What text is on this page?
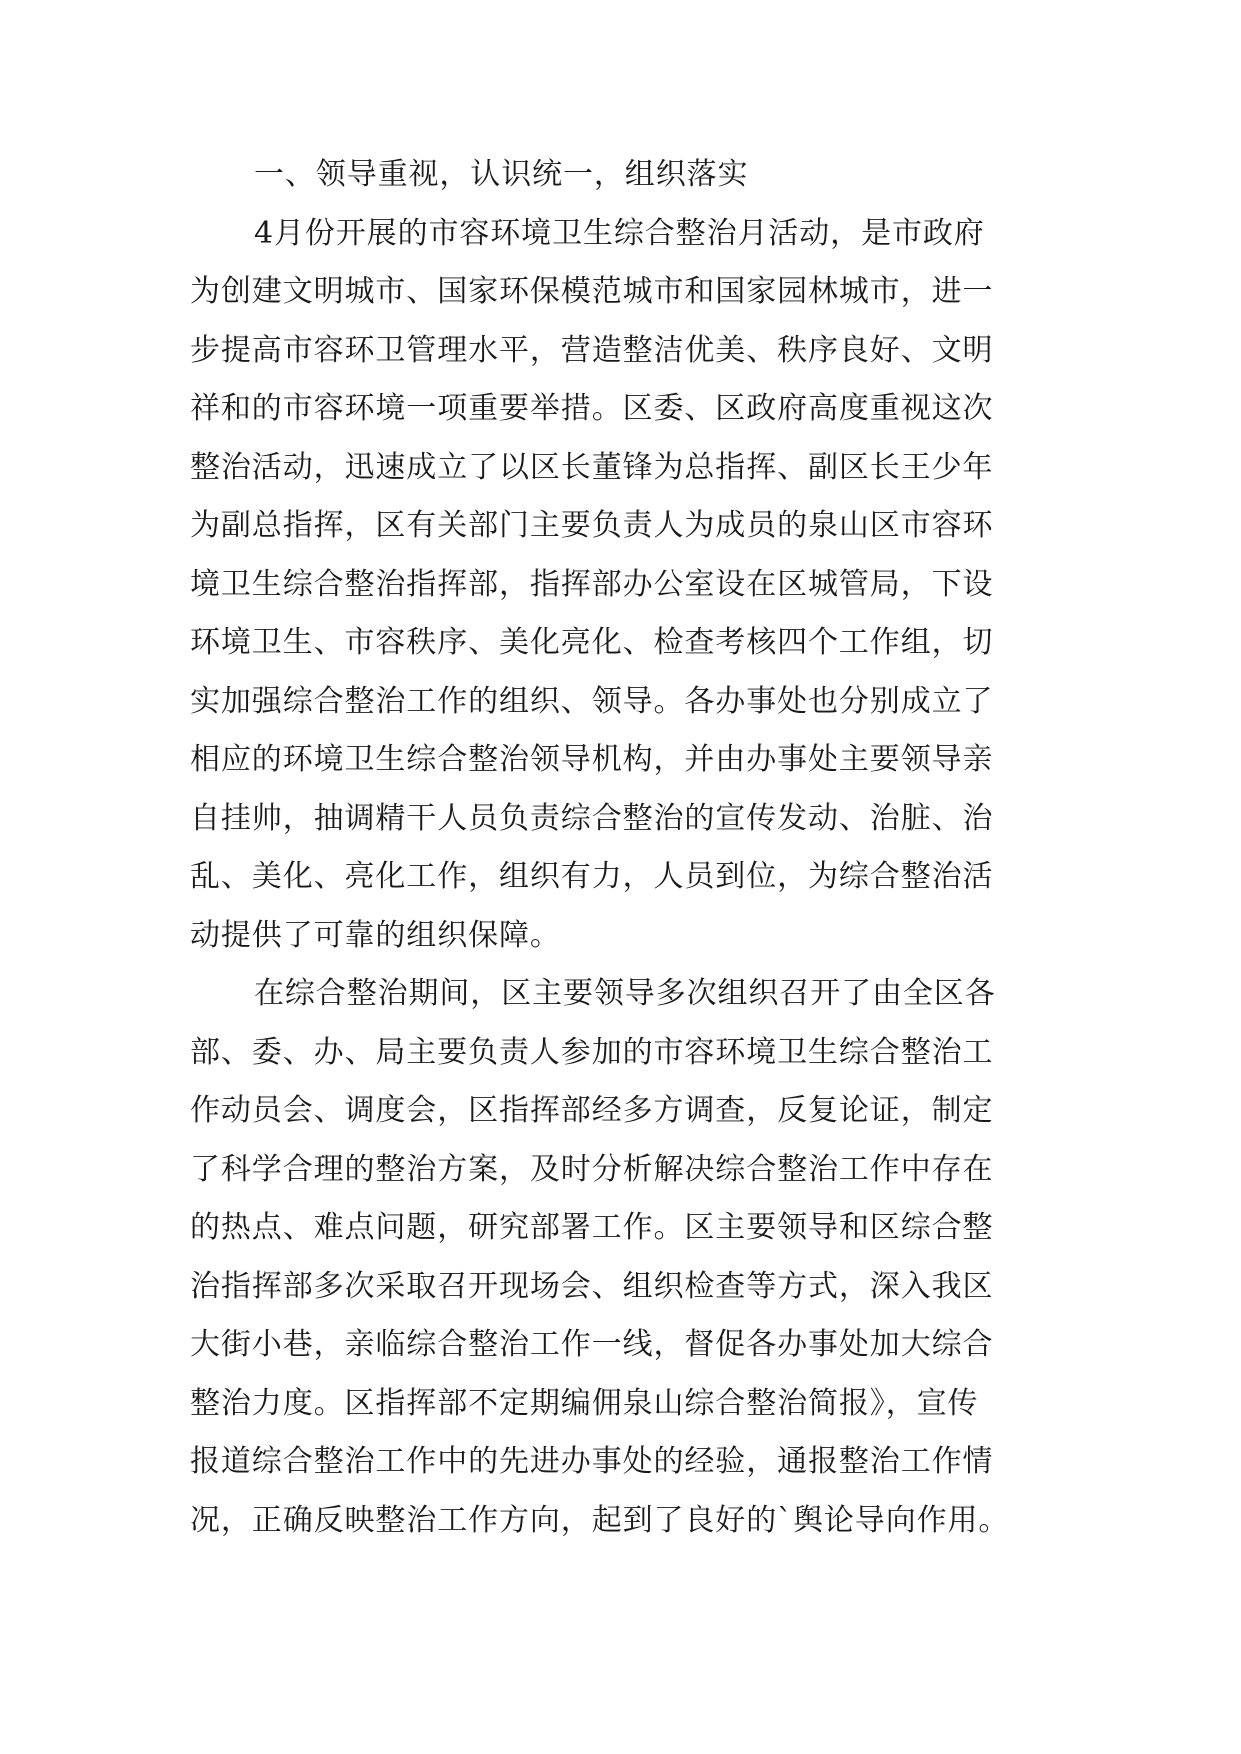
一、领导重视，认识统一，组织落实
4月份开展的市容环境卫生综合整治月活动，是市政府
为创建文明城市、国家环保模范城市和国家园林城市，进一
步提高市容环卫管理水平，营造整洁优美、秩序良好、文明
祥和的市容环境一项重要举措。区委、区政府高度重视这次
整治活动，迅速成立了以区长董锋为总指挥、副区长王少年
为副总指挥，区有关部门主要负责人为成员的泉山区市容环
境卫生综合整治指挥部，指挥部办公室设在区城管局，下设
环境卫生、市容秩序、美化亮化、检查考核四个工作组，切
实加强综合整治工作的组织、领导。各办事处也分别成立了
相应的环境卫生综合整治领导机构，并由办事处主要领导亲
自挂帅，抽调精干人员负责综合整治的宣传发动、治脏、治
乱、美化、亮化工作，组织有力，人员到位，为综合整治活
动提供了可靠的组织保障。
在综合整治期间，区主要领导多次组织召开了由全区各
部、委、办、局主要负责人参加的市容环境卫生综合整治工
作动员会、调度会，区指挥部经多方调查，反复论证，制定
了科学合理的整治方案，及时分析解决综合整治工作中存在
的热点、难点问题，研究部署工作。区主要领导和区综合整
治指挥部多次采取召开现场会、组织检查等方式，深入我区
大街小巷，亲临综合整治工作一线，督促各办事处加大综合
整治力度。区指挥部不定期编佣泉山综合整治简报》，宣传
报道综合整治工作中的先进办事处的经验，通报整治工作情
况，正确反映整治工作方向，起到了良好的`舆论导向作用。
